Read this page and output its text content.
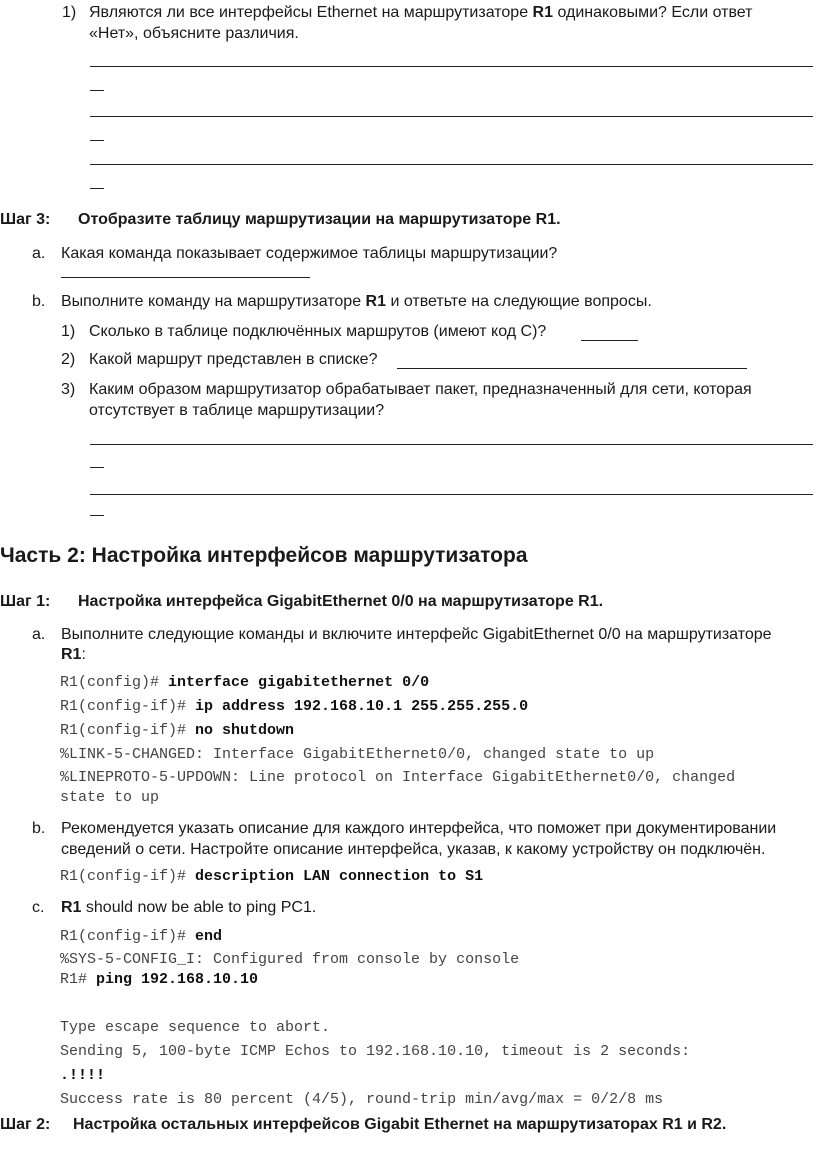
1) Являются ли все интерфейсы Ethernet на маршрутизаторе R1 одинаковыми? Если ответ
«Нет», объясните различия.
Шаг 3: Отобразите таблицу маршрутизации на маршрутизаторе R1.
a. Какая команда показывает содержимое таблицы маршрутизации?
b. Выполните команду на маршрутизаторе R1 и ответьте на следующие вопросы.
1) Сколько в таблице подключённых маршрутов (имеют код C)?
2) Какой маршрут представлен в списке?
3) Каким образом маршрутизатор обрабатывает пакет, предназначенный для сети, которая
отсутствует в таблице маршрутизации?
Часть 2: Настройка интерфейсов маршрутизатора
Шаг 1: Настройка интерфейса GigabitEthernet 0/0 на маршрутизаторе R1.
a. Выполните следующие команды и включите интерфейс GigabitEthernet 0/0 на маршрутизаторе
R1:
R1(config)# interface gigabitethernet 0/0
R1(config-if)# ip address 192.168.10.1 255.255.255.0
R1(config-if)# no shutdown
%LINK-5-CHANGED: Interface GigabitEthernet0/0, changed state to up
%LINEPROTO-5-UPDOWN: Line protocol on Interface GigabitEthernet0/0, changed
state to up
b. Рекомендуется указать описание для каждого интерфейса, что поможет при документировании
сведений о сети. Настройте описание интерфейса, указав, к какому устройству он подключён.
R1(config-if)# description LAN connection to S1
c. R1 should now be able to ping PC1.
R1(config-if)# end
%SYS-5-CONFIG_I: Configured from console by console
R1# ping 192.168.10.10
Type escape sequence to abort.
Sending 5, 100-byte ICMP Echos to 192.168.10.10, timeout is 2 seconds:
.!!!!
Success rate is 80 percent (4/5), round-trip min/avg/max = 0/2/8 ms
Шаг 2: Настройка остальных интерфейсов Gigabit Ethernet на маршрутизаторах R1 и R2.
